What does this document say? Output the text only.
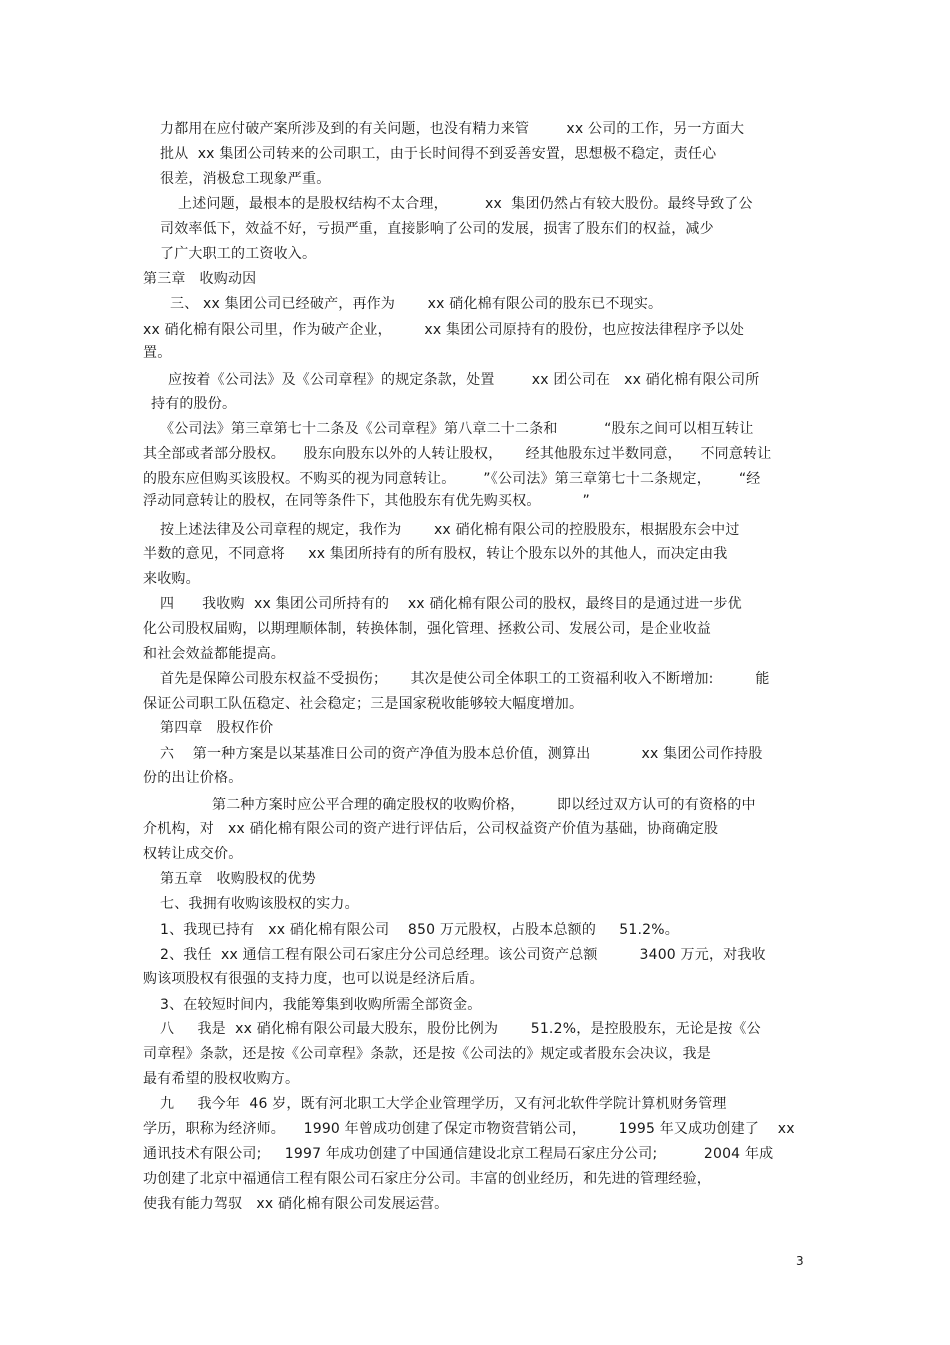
力都用在应付破产案所涉及到的有关问题，也没有精力来管        xx 公司的工作，另一方面大
批从  xx 集团公司转来的公司职工，由于长时间得不到妥善安置，思想极不稳定，责任心
很差，消极怠工现象严重。
上述问题，最根本的是股权结构不太合理，        xx  集团仍然占有较大股份。最终导致了公
司效率低下，效益不好，亏损严重，直接影响了公司的发展，损害了股东们的权益，减少
了广大职工的工资收入。
第三章   收购动因
三、 xx 集团公司已经破产，再作为       xx 硝化棉有限公司的股东已不现实。
xx 硝化棉有限公司里，作为破产企业，       xx 集团公司原持有的股份，也应按法律程序予以处
置。
应按着《公司法》及《公司章程》的规定条款，处置        xx 团公司在   xx 硝化棉有限公司所
持有的股份。
《公司法》第三章第七十二条及《公司章程》第八章二十二条和          “股东之间可以相互转让
其全部或者部分股权。    股东向股东以外的人转让股权，     经其他股东过半数同意，    不同意转让
的股东应但购买该股权。不购买的视为同意转让。      ”《公司法》第三章第七十二条规定，      “经
浮动同意转让的股权，在同等条件下，其他股东有优先购买权。         ”
按上述法律及公司章程的规定，我作为       xx 硝化棉有限公司的控股股东，根据股东会中过
半数的意见，不同意将     xx 集团所持有的所有股权，转让个股东以外的其他人，而决定由我
来收购。
四      我收购  xx 集团公司所持有的    xx 硝化棉有限公司的股权，最终目的是通过进一步优
化公司股权届购，以期理顺体制，转换体制，强化管理、拯救公司、发展公司，是企业收益
和社会效益都能提高。
首先是保障公司股东权益不受损伤；     其次是使公司全体职工的工资福利收入不断增加:         能
保证公司职工队伍稳定、社会稳定；三是国家税收能够较大幅度增加。
第四章   股权作价
六    第一种方案是以某基准日公司的资产净值为股本总价值，测算出           xx 集团公司作持股
份的出让价格。
第二种方案时应公平合理的确定股权的收购价格，       即以经过双方认可的有资格的中
介机构，对   xx 硝化棉有限公司的资产进行评估后，公司权益资产价值为基础，协商确定股
权转让成交价。
第五章   收购股权的优势
七、我拥有收购该股权的实力。
1、我现已持有   xx 硝化棉有限公司    850 万元股权，占股本总额的     51.2%。
2、我任  xx 通信工程有限公司石家庄分公司总经理。该公司资产总额         3400 万元，对我收
购该项股权有很强的支持力度，也可以说是经济后盾。
3、在较短时间内，我能筹集到收购所需全部资金。
八     我是  xx 硝化棉有限公司最大股东，股份比例为       51.2%，是控股股东，无论是按《公
司章程》条款，还是按《公司章程》条款，还是按《公司法的》规定或者股东会决议，我是
最有希望的股权收购方。
九     我今年  46 岁，既有河北职工大学企业管理学历，又有河北软件学院计算机财务管理
学历，职称为经济师。    1990 年曾成功创建了保定市物资营销公司，       1995 年又成功创建了    xx
通讯技术有限公司;     1997 年成功创建了中国通信建设北京工程局石家庄分公司;          2004 年成
功创建了北京中福通信工程有限公司石家庄分公司。丰富的创业经历，和先进的管理经验，
使我有能力驾驭   xx 硝化棉有限公司发展运营。
3
